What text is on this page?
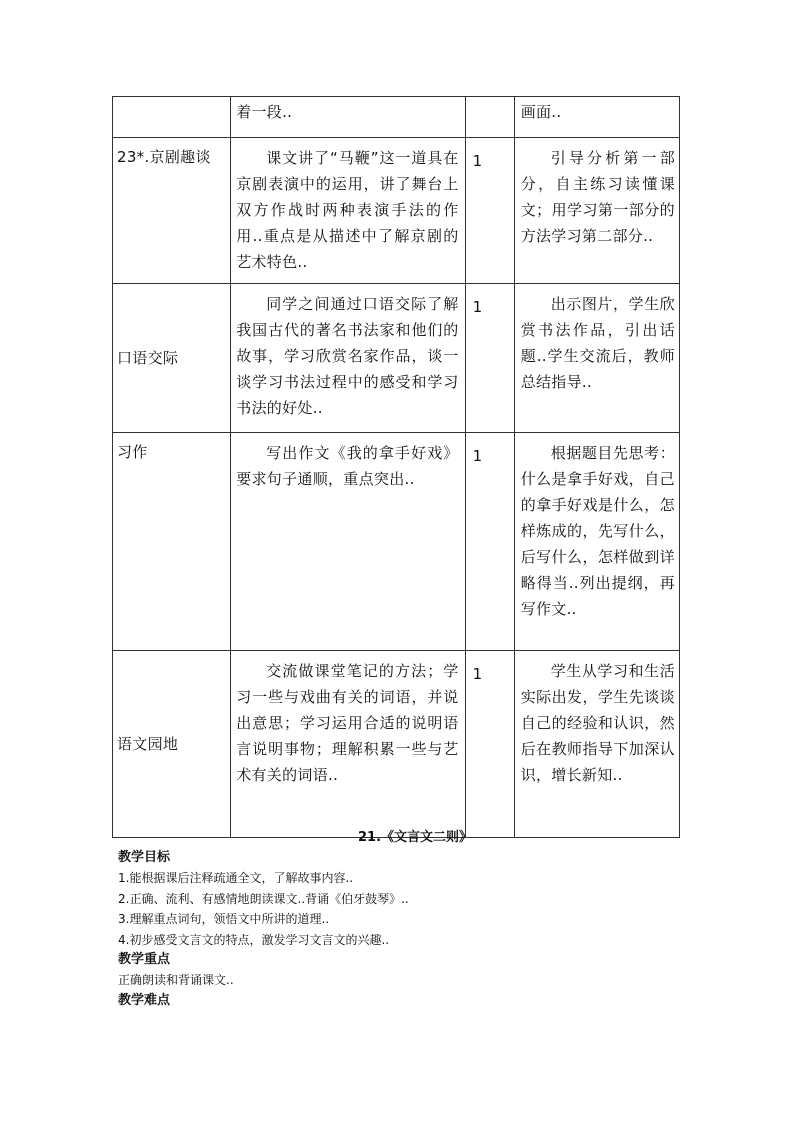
	着一段..		画面..
23*.京剧趣谈	课文讲了“马鞭”这一道具在京剧表演中的运用，讲了舞台上双方作战时两种表演手法的作用..重点是从描述中了解京剧的艺术特色..	1	引导分析第一部分，自主练习读懂课文；用学习第一部分的方法学习第二部分..

口语交际	同学之间通过口语交际了解我国古代的著名书法家和他们的故事，学习欣赏名家作品，谈一谈学习书法过程中的感受和学习书法的好处..	1	出示图片，学生欣赏书法作品，引出话题..学生交流后，教师总结指导..

习作	写出作文《我的拿手好戏》要求句子通顺，重点突出..	1	根据题目先思考：什么是拿手好戏，自己的拿手好戏是什么，怎样炼成的，先写什么，后写什么，怎样做到详略得当..列出提纲，再写作文..

语文园地	交流做课堂笔记的方法；学习一些与戏曲有关的词语，并说出意思；学习运用合适的说明语言说明事物；理解积累一些与艺术有关的词语..	1	学生从学习和生活实际出发，学生先谈谈自己的经验和认识，然后在教师指导下加深认识，增长新知..
21.《文言文二则》
教学目标
1.能根据课后注释疏通全文，了解故事内容..
2.正确、流利、有感情地朗读课文..背诵《伯牙鼓琴》..
3.理解重点词句，领悟文中所讲的道理..
4.初步感受文言文的特点，激发学习文言文的兴趣..
教学重点
正确朗读和背诵课文..
教学难点
